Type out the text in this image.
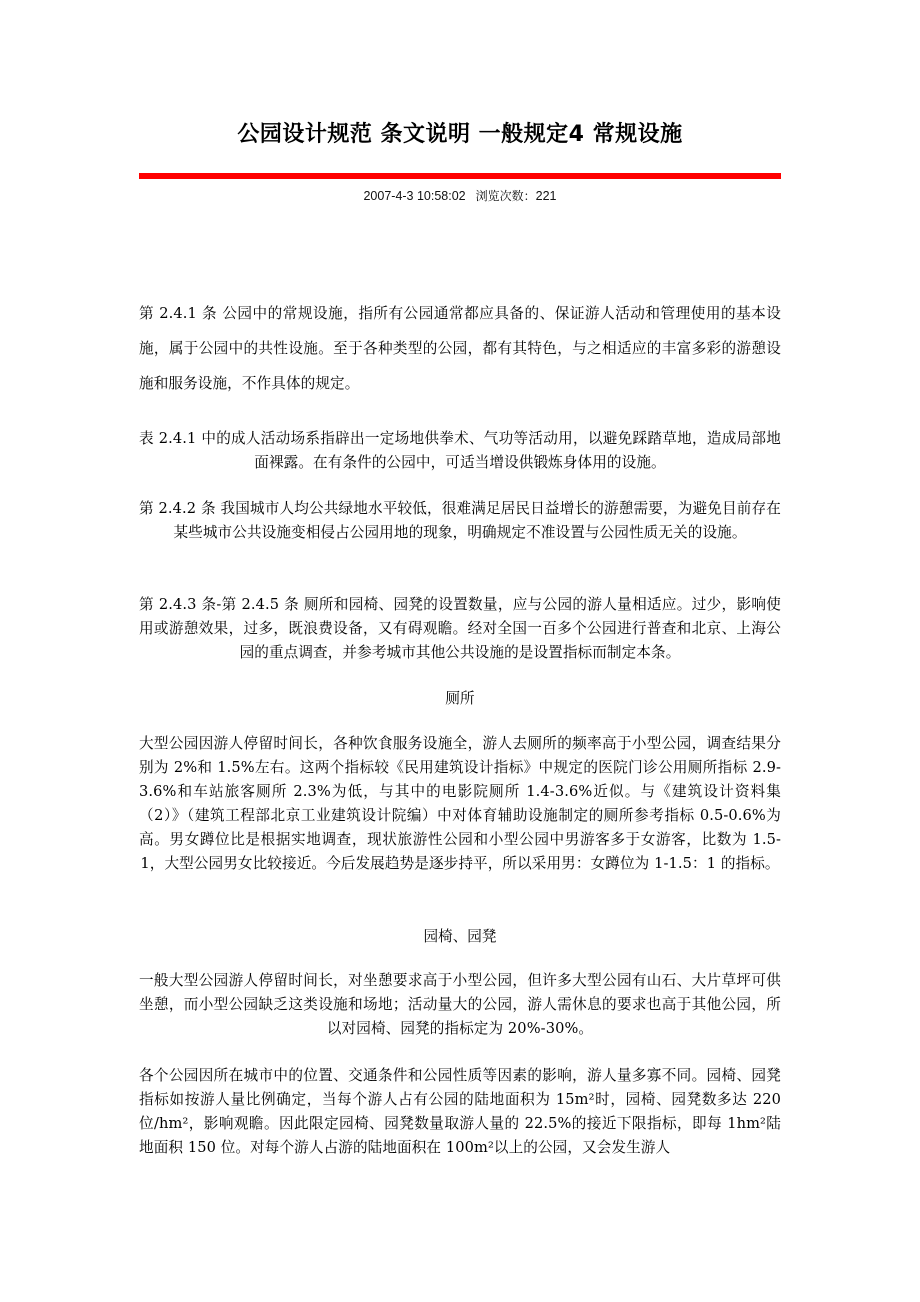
公园设计规范 条文说明 一般规定4 常规设施
2007-4-3 10:58:02 浏览次数：221

第 2.4.1 条 公园中的常规设施，指所有公园通常都应具备的、保证游人活动和管理使用的基本设施，属于公园中的共性设施。至于各种类型的公园，都有其特色，与之相适应的丰富多彩的游憩设施和服务设施，不作具体的规定。

表 2.4.1 中的成人活动场系指辟出一定场地供拳术、气功等活动用，以避免踩踏草地，造成局部地面裸露。在有条件的公园中，可适当增设供锻炼身体用的设施。

第 2.4.2 条 我国城市人均公共绿地水平较低，很难满足居民日益增长的游憩需要，为避免目前存在某些城市公共设施变相侵占公园用地的现象，明确规定不准设置与公园性质无关的设施。

第 2.4.3 条-第 2.4.5 条 厕所和园椅、园凳的设置数量，应与公园的游人量相适应。过少，影响使用或游憩效果，过多，既浪费设备，又有碍观瞻。经对全国一百多个公园进行普查和北京、上海公园的重点调查，并参考城市其他公共设施的是设置指标而制定本条。

厕所

大型公园因游人停留时间长，各种饮食服务设施全，游人去厕所的频率高于小型公园，调查结果分别为 2%和 1.5%左右。这两个指标较《民用建筑设计指标》中规定的医院门诊公用厕所指标 2.9-3.6%和车站旅客厕所 2.3%为低，与其中的电影院厕所 1.4-3.6%近似。与《建筑设计资料集（2）》（建筑工程部北京工业建筑设计院编）中对体育辅助设施制定的厕所参考指标 0.5-0.6%为高。男女蹲位比是根据实地调查，现状旅游性公园和小型公园中男游客多于女游客，比数为 1.5-1，大型公园男女比较接近。今后发展趋势是逐步持平，所以采用男：女蹲位为 1-1.5：1 的指标。

园椅、园凳

一般大型公园游人停留时间长，对坐憩要求高于小型公园，但许多大型公园有山石、大片草坪可供坐憩，而小型公园缺乏这类设施和场地；活动量大的公园，游人需休息的要求也高于其他公园，所以对园椅、园凳的指标定为 20%-30%。

各个公园因所在城市中的位置、交通条件和公园性质等因素的影响，游人量多寡不同。园椅、园凳指标如按游人量比例确定，当每个游人占有公园的陆地面积为 15m²时，园椅、园凳数多达 220 位/hm²，影响观瞻。因此限定园椅、园凳数量取游人量的 22.5%的接近下限指标，即每 1hm²陆地面积 150 位。对每个游人占游的陆地面积在 100m²以上的公园，又会发生游人
